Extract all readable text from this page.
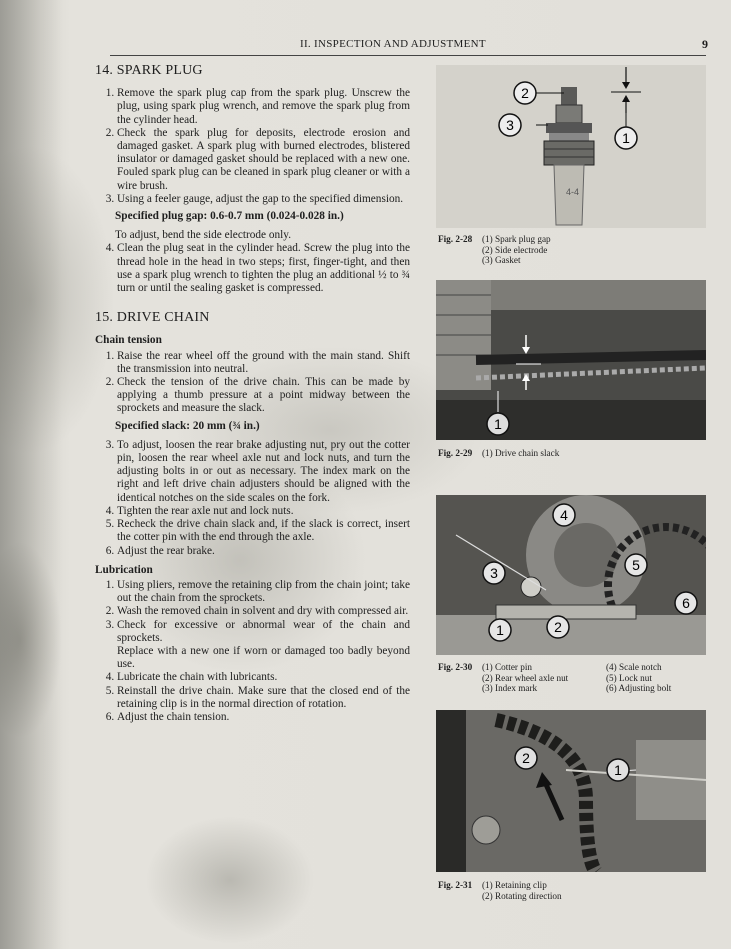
II. INSPECTION AND ADJUSTMENT	9
14. SPARK PLUG
1. Remove the spark plug cap from the spark plug. Unscrew the plug, using spark plug wrench, and remove the spark plug from the cylinder head.
2. Check the spark plug for deposits, electrode erosion and damaged gasket. A spark plug with burned electrodes, blistered insulator or damaged gasket should be replaced with a new one. Fouled spark plug can be cleaned in spark plug cleaner or with a wire brush.
3. Using a feeler gauge, adjust the gap to the specified dimension.
Specified plug gap: 0.6-0.7 mm (0.024-0.028 in.)
To adjust, bend the side electrode only.
4. Clean the plug seat in the cylinder head. Screw the plug into the thread hole in the head in two steps; first, finger-tight, and then use a spark plug wrench to tighten the plug an additional ½ to ¾ turn or until the sealing gasket is compressed.
15. DRIVE CHAIN
Chain tension
1. Raise the rear wheel off the ground with the main stand. Shift the transmission into neutral.
2. Check the tension of the drive chain. This can be made by applying a thumb pressure at a point midway between the sprockets and measure the slack.
Specified slack: 20 mm (¾ in.)
3. To adjust, loosen the rear brake adjusting nut, pry out the cotter pin, loosen the rear wheel axle nut and lock nuts, and turn the adjusting bolts in or out as necessary. The index mark on the right and left drive chain adjusters should be aligned with the identical notches on the side scales on the fork.
4. Tighten the rear axle nut and lock nuts.
5. Recheck the drive chain slack and, if the slack is correct, insert the cotter pin with the end through the axle.
6. Adjust the rear brake.
Lubrication
1. Using pliers, remove the retaining clip from the chain joint; take out the chain from the sprockets.
2. Wash the removed chain in solvent and dry with compressed air.
3. Check for excessive or abnormal wear of the chain and sprockets.
Replace with a new one if worn or damaged too badly beyond use.
4. Lubricate the chain with lubricants.
5. Reinstall the drive chain. Make sure that the closed end of the retaining clip is in the normal direction of rotation.
6. Adjust the chain tension.
4-4
2
3
1
Fig. 2-28 (1) Spark plug gap
(2) Side electrode
(3) Gasket
1
Fig. 2-29 (1) Drive chain slack
1	2
3
4
5
6
Fig. 2-30 (1) Cotter pin	(4) Scale notch
(2) Rear wheel axle nut	(5) Lock nut
(3) Index mark	(6) Adjusting bolt
2
1
Fig. 2-31 (1) Retaining clip
(2) Rotating direction
